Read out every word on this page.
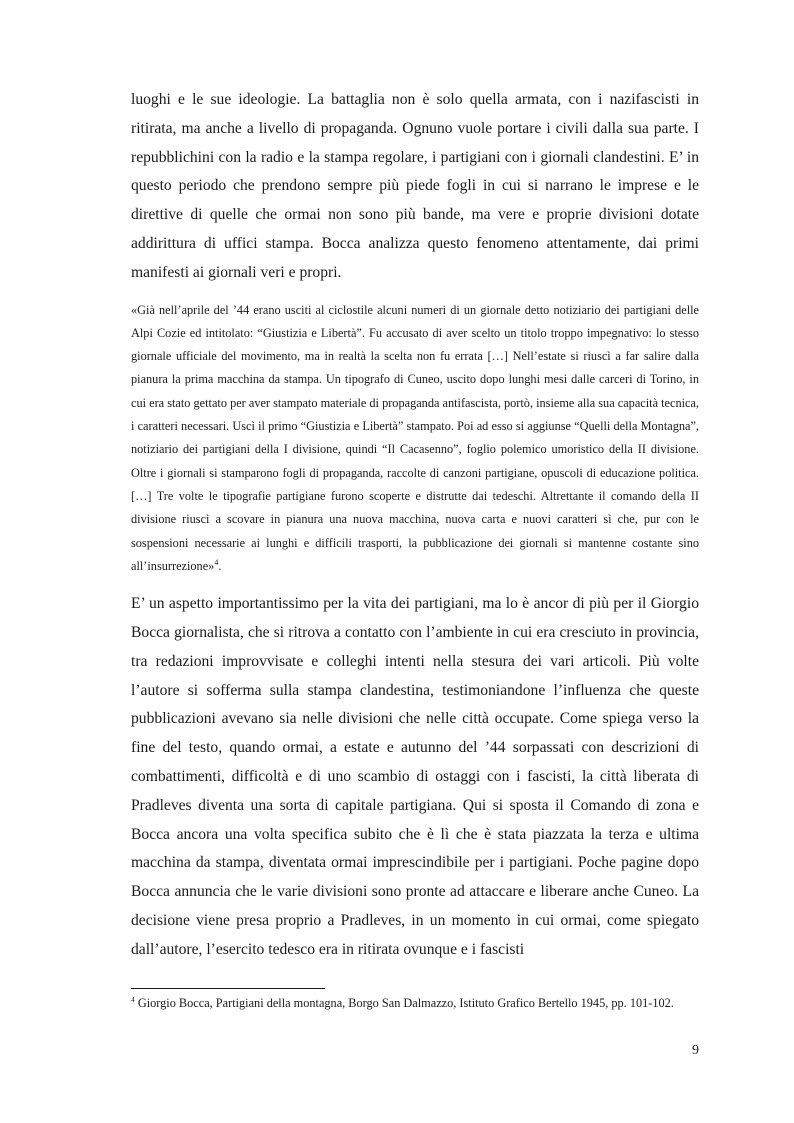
luoghi e le sue ideologie. La battaglia non è solo quella armata, con i nazifascisti in ritirata, ma anche a livello di propaganda. Ognuno vuole portare i civili dalla sua parte. I repubblichini con la radio e la stampa regolare, i partigiani con i giornali clandestini. E’ in questo periodo che prendono sempre più piede fogli in cui si narrano le imprese e le direttive di quelle che ormai non sono più bande, ma vere e proprie divisioni dotate addirittura di uffici stampa. Bocca analizza questo fenomeno attentamente, dai primi manifesti ai giornali veri e propri.

«Già nell’aprile del ’44 erano usciti al ciclostile alcuni numeri di un giornale detto notiziario dei partigiani delle Alpi Cozie ed intitolato: “Giustizia e Libertà”. Fu accusato di aver scelto un titolo troppo impegnativo: lo stesso giornale ufficiale del movimento, ma in realtà la scelta non fu errata […] Nell’estate si riuscì a far salire dalla pianura la prima macchina da stampa. Un tipografo di Cuneo, uscito dopo lunghi mesi dalle carceri di Torino, in cui era stato gettato per aver stampato materiale di propaganda antifascista, portò, insieme alla sua capacità tecnica, i caratteri necessari. Uscì il primo “Giustizia e Libertà” stampato. Poi ad esso si aggiunse “Quelli della Montagna”, notiziario dei partigiani della I divisione, quindi “Il Cacasenno”, foglio polemico umoristico della II divisione. Oltre i giornali si stamparono fogli di propaganda, raccolte di canzoni partigiane, opuscoli di educazione politica. […] Tre volte le tipografie partigiane furono scoperte e distrutte dai tedeschi. Altrettante il comando della II divisione riuscì a scovare in pianura una nuova macchina, nuova carta e nuovi caratteri sì che, pur con le sospensioni necessarie ai lunghi e difficili trasporti, la pubblicazione dei giornali si mantenne costante sino all’insurrezione»$^4$.

E’ un aspetto importantissimo per la vita dei partigiani, ma lo è ancor di più per il Giorgio Bocca giornalista, che si ritrova a contatto con l’ambiente in cui era cresciuto in provincia, tra redazioni improvvisate e colleghi intenti nella stesura dei vari articoli. Più volte l’autore si sofferma sulla stampa clandestina, testimoniandone l’influenza che queste pubblicazioni avevano sia nelle divisioni che nelle città occupate. Come spiega verso la fine del testo, quando ormai, a estate e autunno del ’44 sorpassati con descrizioni di combattimenti, difficoltà e di uno scambio di ostaggi con i fascisti, la città liberata di Pradleves diventa una sorta di capitale partigiana. Qui si sposta il Comando di zona e Bocca ancora una volta specifica subito che è lì che è stata piazzata la terza e ultima macchina da stampa, diventata ormai imprescindibile per i partigiani. Poche pagine dopo Bocca annuncia che le varie divisioni sono pronte ad attaccare e liberare anche Cuneo. La decisione viene presa proprio a Pradleves, in un momento in cui ormai, come spiegato dall’autore, l’esercito tedesco era in ritirata ovunque e i fascisti

$^4$ Giorgio Bocca, Partigiani della montagna, Borgo San Dalmazzo, Istituto Grafico Bertello 1945, pp. 101-102.

9
